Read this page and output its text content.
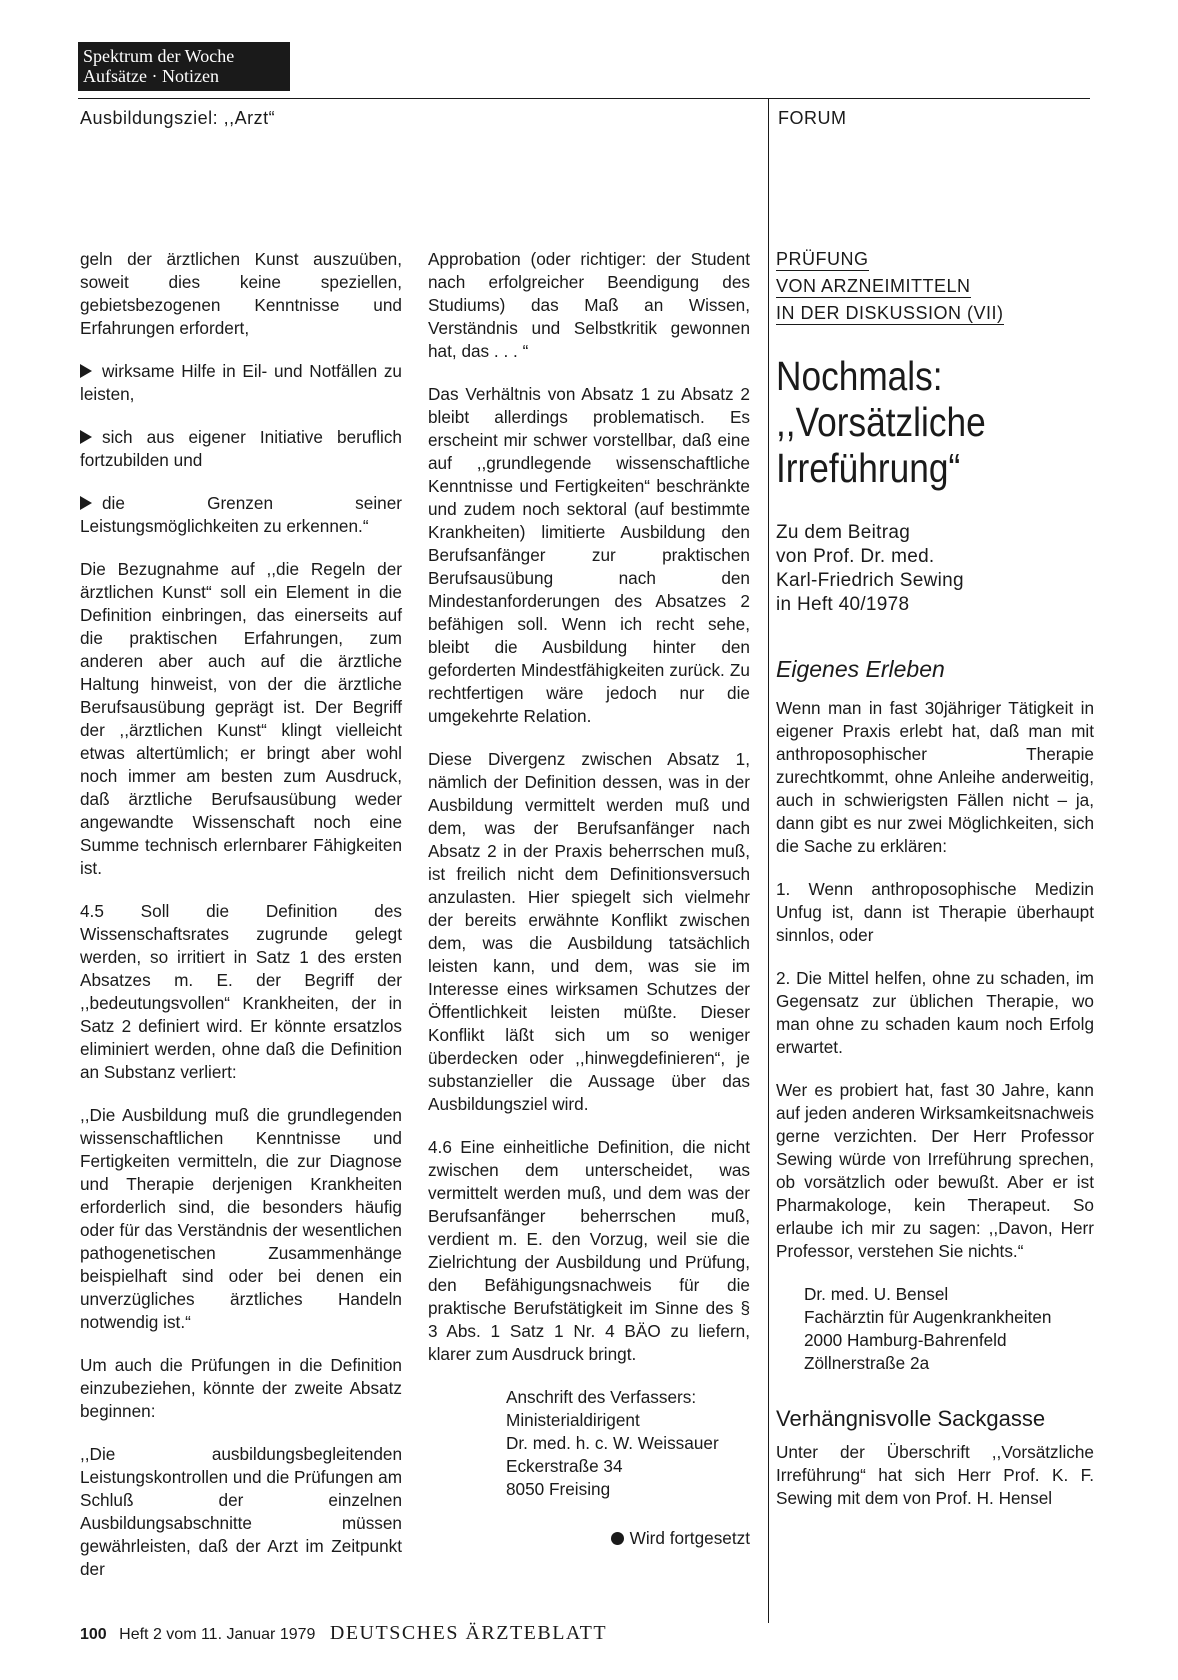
Spektrum der Woche
Aufsätze · Notizen
Ausbildungsziel: ,,Arzt“	FORUM

geln der ärztlichen Kunst auszuüben, soweit dies keine speziellen, gebietsbezogenen Kenntnisse und Erfahrungen erfordert,

wirksame Hilfe in Eil- und Notfällen zu leisten,

sich aus eigener Initiative beruflich fortzubilden und

die Grenzen seiner Leistungsmöglichkeiten zu erkennen.“

Die Bezugnahme auf ,,die Regeln der ärztlichen Kunst“ soll ein Element in die Definition einbringen, das einerseits auf die praktischen Erfahrungen, zum anderen aber auch auf die ärztliche Haltung hinweist, von der die ärztliche Berufsausübung geprägt ist. Der Begriff der ,,ärztlichen Kunst“ klingt vielleicht etwas altertümlich; er bringt aber wohl noch immer am besten zum Ausdruck, daß ärztliche Berufsausübung weder angewandte Wissenschaft noch eine Summe technisch erlernbarer Fähigkeiten ist.

4.5 Soll die Definition des Wissenschaftsrates zugrunde gelegt werden, so irritiert in Satz 1 des ersten Absatzes m. E. der Begriff der ,,bedeutungsvollen“ Krankheiten, der in Satz 2 definiert wird. Er könnte ersatzlos eliminiert werden, ohne daß die Definition an Substanz verliert:

,,Die Ausbildung muß die grundlegenden wissenschaftlichen Kenntnisse und Fertigkeiten vermitteln, die zur Diagnose und Therapie derjenigen Krankheiten erforderlich sind, die besonders häufig oder für das Verständnis der wesentlichen pathogenetischen Zusammenhänge beispielhaft sind oder bei denen ein unverzügliches ärztliches Handeln notwendig ist.“

Um auch die Prüfungen in die Definition einzubeziehen, könnte der zweite Absatz beginnen:

,,Die ausbildungsbegleitenden Leistungskontrollen und die Prüfungen am Schluß der einzelnen Ausbildungsabschnitte müssen gewährleisten, daß der Arzt im Zeitpunkt der

Approbation (oder richtiger: der Student nach erfolgreicher Beendigung des Studiums) das Maß an Wissen, Verständnis und Selbstkritik gewonnen hat, das . . . “

Das Verhältnis von Absatz 1 zu Absatz 2 bleibt allerdings problematisch. Es erscheint mir schwer vorstellbar, daß eine auf ,,grundlegende wissenschaftliche Kenntnisse und Fertigkeiten“ beschränkte und zudem noch sektoral (auf bestimmte Krankheiten) limitierte Ausbildung den Berufsanfänger zur praktischen Berufsausübung nach den Mindestanforderungen des Absatzes 2 befähigen soll. Wenn ich recht sehe, bleibt die Ausbildung hinter den geforderten Mindestfähigkeiten zurück. Zu rechtfertigen wäre jedoch nur die umgekehrte Relation.

Diese Divergenz zwischen Absatz 1, nämlich der Definition dessen, was in der Ausbildung vermittelt werden muß und dem, was der Berufsanfänger nach Absatz 2 in der Praxis beherrschen muß, ist freilich nicht dem Definitionsversuch anzulasten. Hier spiegelt sich vielmehr der bereits erwähnte Konflikt zwischen dem, was die Ausbildung tatsächlich leisten kann, und dem, was sie im Interesse eines wirksamen Schutzes der Öffentlichkeit leisten müßte. Dieser Konflikt läßt sich um so weniger überdecken oder ,,hinwegdefinieren“, je substanzieller die Aussage über das Ausbildungsziel wird.

4.6 Eine einheitliche Definition, die nicht zwischen dem unterscheidet, was vermittelt werden muß, und dem was der Berufsanfänger beherrschen muß, verdient m. E. den Vorzug, weil sie die Zielrichtung der Ausbildung und Prüfung, den Befähigungsnachweis für die praktische Berufstätigkeit im Sinne des § 3 Abs. 1 Satz 1 Nr. 4 BÄO zu liefern, klarer zum Ausdruck bringt.

Anschrift des Verfassers:
Ministerialdirigent
Dr. med. h. c. W. Weissauer
Eckerstraße 34
8050 Freising
Wird fortgesetzt
PRÜFUNG
VON ARZNEIMITTELN
IN DER DISKUSSION (VII)
Nochmals:
,,Vorsätzliche
Irreführung“
Zu dem Beitrag
von Prof. Dr. med.
Karl-Friedrich Sewing
in Heft 40/1978
Eigenes Erleben

Wenn man in fast 30jähriger Tätigkeit in eigener Praxis erlebt hat, daß man mit anthroposophischer Therapie zurechtkommt, ohne Anleihe anderweitig, auch in schwierigsten Fällen nicht – ja, dann gibt es nur zwei Möglichkeiten, sich die Sache zu erklären:

1. Wenn anthroposophische Medizin Unfug ist, dann ist Therapie überhaupt sinnlos, oder

2. Die Mittel helfen, ohne zu schaden, im Gegensatz zur üblichen Therapie, wo man ohne zu schaden kaum noch Erfolg erwartet.

Wer es probiert hat, fast 30 Jahre, kann auf jeden anderen Wirksamkeitsnachweis gerne verzichten. Der Herr Professor Sewing würde von Irreführung sprechen, ob vorsätzlich oder bewußt. Aber er ist Pharmakologe, kein Therapeut. So erlaube ich mir zu sagen: ,,Davon, Herr Professor, verstehen Sie nichts.“

Dr. med. U. Bensel
Fachärztin für Augenkrankheiten
2000 Hamburg-Bahrenfeld
Zöllnerstraße 2a
Verhängnisvolle Sackgasse

Unter der Überschrift ,,Vorsätzliche Irreführung“ hat sich Herr Prof. K. F. Sewing mit dem von Prof. H. Hensel

100 Heft 2 vom 11. Januar 1979 DEUTSCHES ÄRZTEBLATT
